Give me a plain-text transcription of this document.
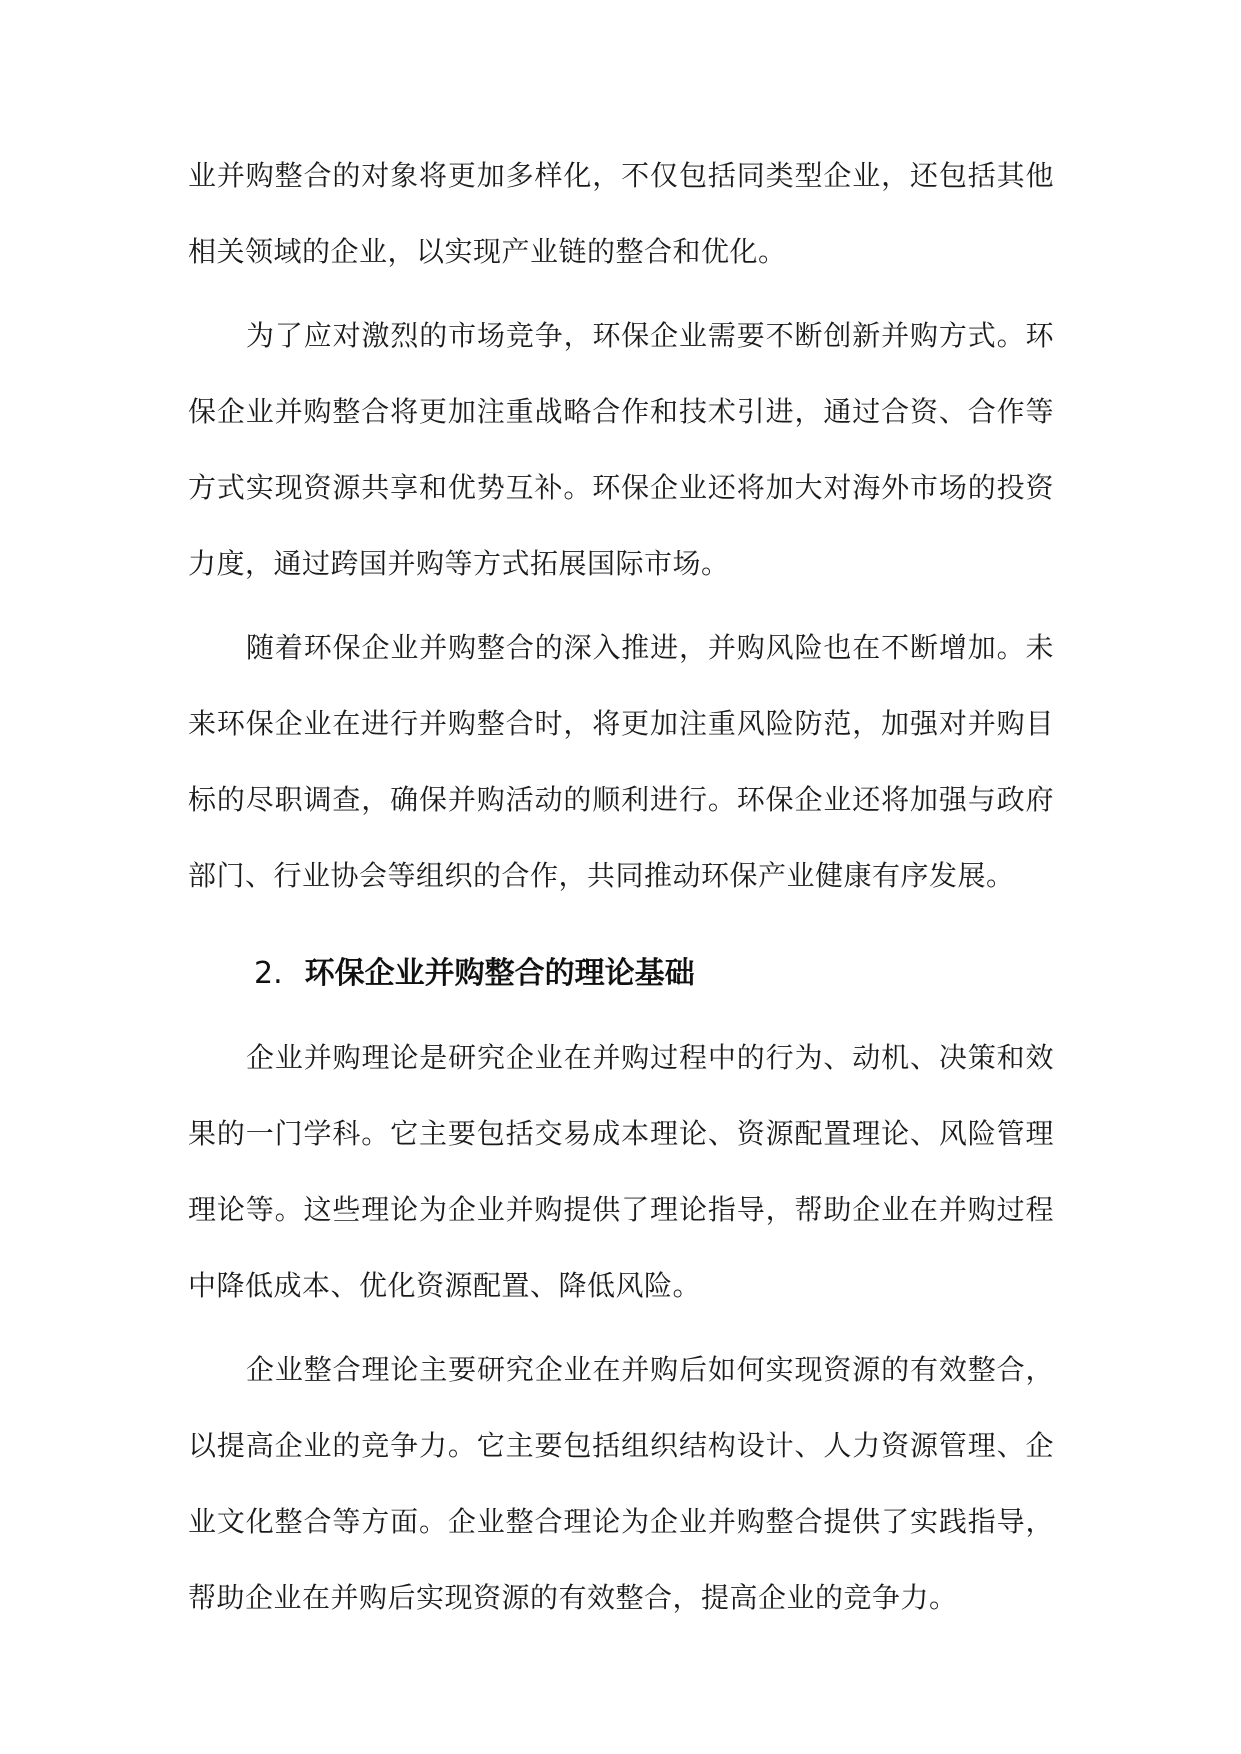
业并购整合的对象将更加多样化，不仅包括同类型企业，还包括其他相关领域的企业，以实现产业链的整合和优化。

为了应对激烈的市场竞争，环保企业需要不断创新并购方式。环保企业并购整合将更加注重战略合作和技术引进，通过合资、合作等方式实现资源共享和优势互补。环保企业还将加大对海外市场的投资力度，通过跨国并购等方式拓展国际市场。

随着环保企业并购整合的深入推进，并购风险也在不断增加。未来环保企业在进行并购整合时，将更加注重风险防范，加强对并购目标的尽职调查，确保并购活动的顺利进行。环保企业还将加强与政府部门、行业协会等组织的合作，共同推动环保产业健康有序发展。

2. 环保企业并购整合的理论基础

企业并购理论是研究企业在并购过程中的行为、动机、决策和效果的一门学科。它主要包括交易成本理论、资源配置理论、风险管理理论等。这些理论为企业并购提供了理论指导，帮助企业在并购过程中降低成本、优化资源配置、降低风险。

企业整合理论主要研究企业在并购后如何实现资源的有效整合，以提高企业的竞争力。它主要包括组织结构设计、人力资源管理、企业文化整合等方面。企业整合理论为企业并购整合提供了实践指导，帮助企业在并购后实现资源的有效整合，提高企业的竞争力。
